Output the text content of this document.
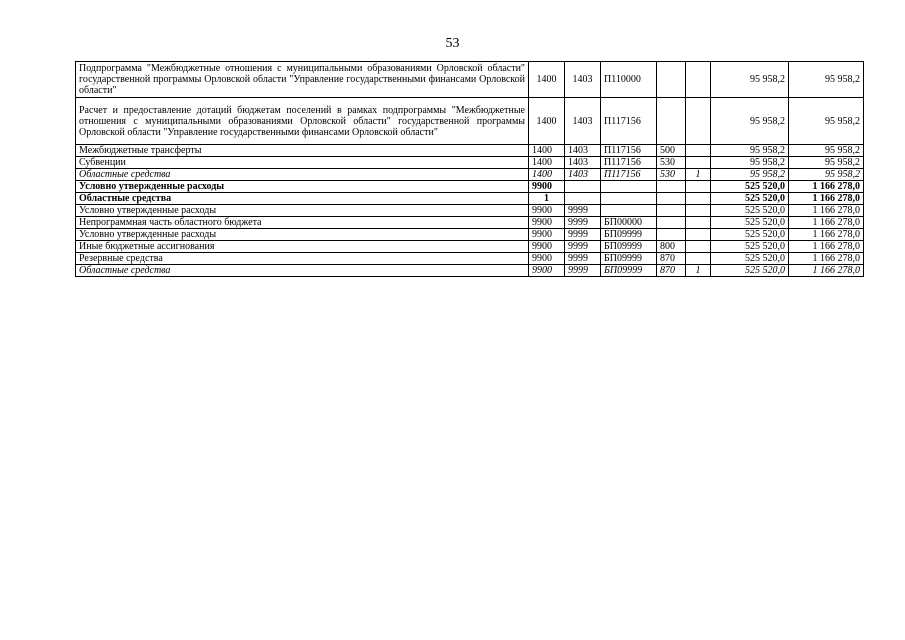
53
Подпрограмма "Межбюджетные отношения с муниципальными образованиями Орловской области" государственной программы Орловской области "Управление государственными финансами Орловской области"	1400	1403	П110000			95 958,2	95 958,2
Расчет и предоставление дотаций бюджетам поселений в рамках подпрограммы "Межбюджетные отношения с муниципальными образованиями Орловской области" государственной программы Орловской области "Управление государственными финансами Орловской области"	1400	1403	П117156			95 958,2	95 958,2
Межбюджетные трансферты	1400	1403	П117156	500		95 958,2	95 958,2
Субвенции	1400	1403	П117156	530		95 958,2	95 958,2
Областные средства	1400	1403	П117156	530	1	95 958,2	95 958,2
Условно утвержденные расходы	9900					525 520,0	1 166 278,0
Областные средства	1					525 520,0	1 166 278,0
Условно утвержденные расходы	9900	9999				525 520,0	1 166 278,0
Непрограммная часть областного бюджета	9900	9999	БП00000			525 520,0	1 166 278,0
Условно утвержденные расходы	9900	9999	БП09999			525 520,0	1 166 278,0
Иные бюджетные ассигнования	9900	9999	БП09999	800		525 520,0	1 166 278,0
Резервные средства	9900	9999	БП09999	870		525 520,0	1 166 278,0
Областные средства	9900	9999	БП09999	870	1	525 520,0	1 166 278,0
